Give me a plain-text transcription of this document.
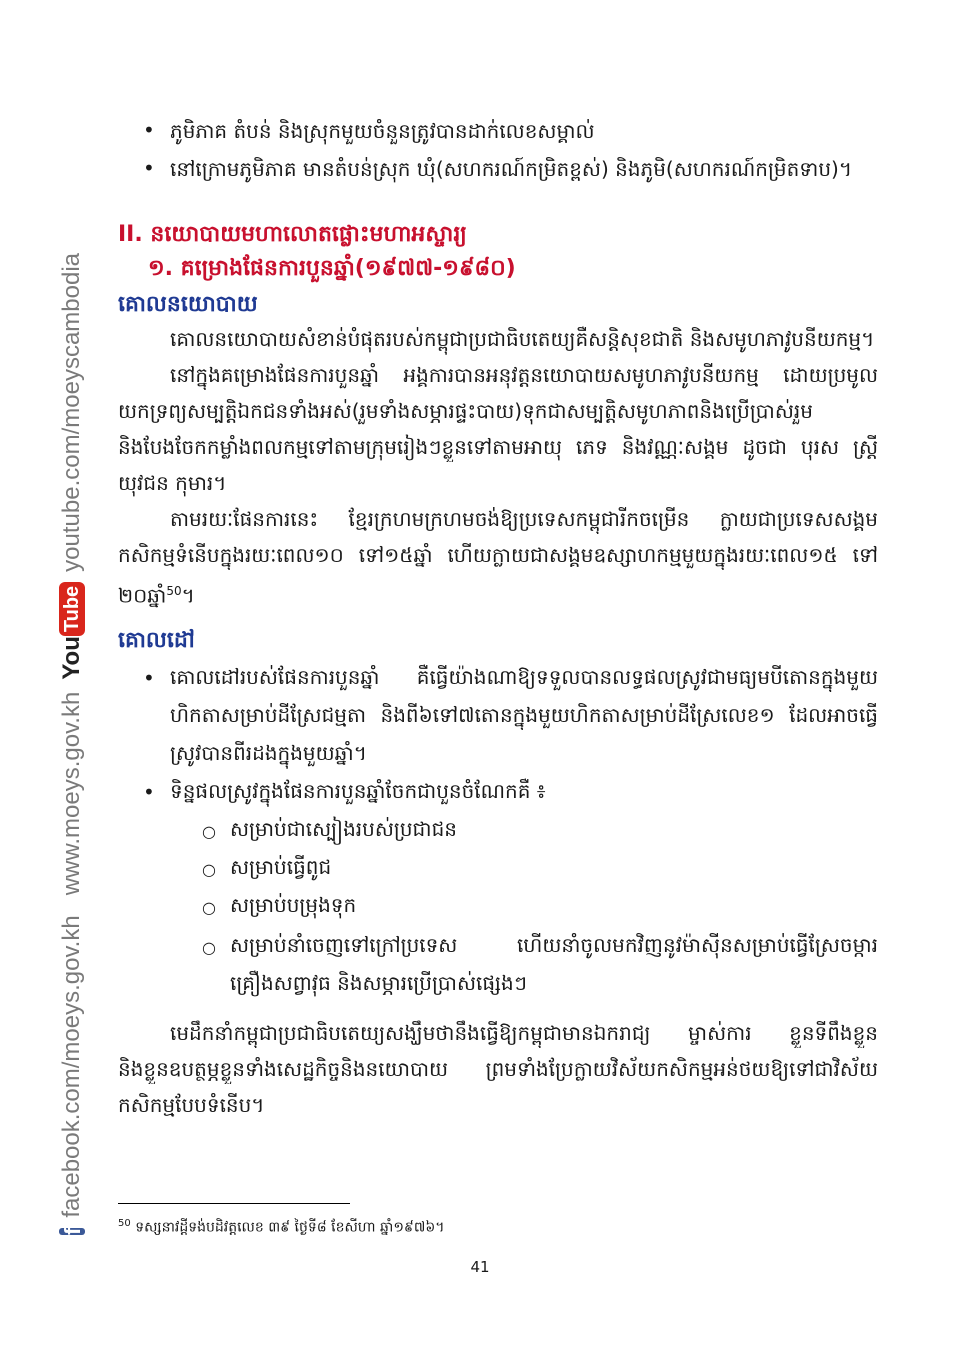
f
facebook.com/moeys.gov.kh
www.moeys.gov.kh
You
Tube
youtube.com/moeyscambodia
• ភូមិភាគ តំបន់ និងស្រុកមួយចំនួនត្រូវបានដាក់លេខសម្គាល់
• នៅក្រោមភូមិភាគ មានតំបន់ស្រុក ឃុំ(សហករណ៍កម្រិតខ្ពស់) និងភូមិ(សហករណ៍កម្រិតទាប)។
II. នយោបាយមហាលោតផ្លោះមហាអស្ចារ្យ
១. គម្រោងផែនការបួនឆ្នាំ(១៩៧៧-១៩៨០)
គោលនយោបាយ
គោលនយោបាយសំខាន់បំផុតរបស់កម្ពុជាប្រជាធិបតេយ្យគឺសន្តិសុខជាតិ និងសមូហភាវូបនីយកម្ម។
នៅក្នុងគម្រោងផែនការបួនឆ្នាំ អង្គការបានអនុវត្តនយោបាយសមូហភាវូបនីយកម្ម ដោយប្រមូល
យកទ្រព្យសម្បត្តិឯកជនទាំងអស់(រួមទាំងសម្ភារផ្ទះបាយ)ទុកជាសម្បត្តិសមូហភាពនិងប្រើប្រាស់រួម
និងបែងចែកកម្លាំងពលកម្មទៅតាមក្រុមរៀងៗខ្លួនទៅតាមអាយុ ភេទ និងវណ្ណៈសង្គម ដូចជា បុរស ស្ត្រី
យុវជន កុមារ។
តាមរយៈផែនការនេះ ខ្មែរក្រហមក្រហមចង់ឱ្យប្រទេសកម្ពុជារីកចម្រើន ក្លាយជាប្រទេសសង្គម
កសិកម្មទំនើបក្នុងរយៈពេល១០ ទៅ១៥ឆ្នាំ ហើយក្លាយជាសង្គមឧស្សាហកម្មមួយក្នុងរយៈពេល១៥ ទៅ
២០ឆ្នាំ$^{50}$។
គោលដៅ
• គោលដៅរបស់ផែនការបួនឆ្នាំ គឺធ្វើយ៉ាងណាឱ្យទទួលបានលទ្ធផលស្រូវជាមធ្យមបីតោនក្នុងមួយ
ហិកតាសម្រាប់ដីស្រែជម្មតា និងពី៦ទៅ៧តោនក្នុងមួយហិកតាសម្រាប់ដីស្រែលេខ១ ដែលអាចធ្វើ
ស្រូវបានពីរដងក្នុងមួយឆ្នាំ។
• ទិន្នផលស្រូវក្នុងផែនការបួនឆ្នាំចែកជាបួនចំណែកគឺ ៖
○ សម្រាប់ជាស្បៀងរបស់ប្រជាជន
○ សម្រាប់ធ្វើពូជ
○ សម្រាប់បម្រុងទុក
○ សម្រាប់នាំចេញទៅក្រៅប្រទេស ហើយនាំចូលមកវិញនូវម៉ាស៊ីនសម្រាប់ធ្វើស្រែចម្ការ
គ្រឿងសព្វាវុធ និងសម្ភារប្រើប្រាស់ផ្សេងៗ
មេដឹកនាំកម្ពុជាប្រជាធិបតេយ្យសង្ឃឹមថានឹងធ្វើឱ្យកម្ពុជាមានឯករាជ្យ ម្ចាស់ការ ខ្លួនទីពឹងខ្លួន
និងខ្លួនឧបត្ថម្ភខ្លួនទាំងសេដ្ឋកិច្ចនិងនយោបាយ ព្រមទាំងប្រែក្លាយវិស័យកសិកម្មអន់ថយឱ្យទៅជាវិស័យ
កសិកម្មបែបទំនើប។
$^{50}$ ទស្សនាវដ្ដីទង់បដិវត្តលេខ ៣៩ ថ្ងៃទី៨ ខែសីហា ឆ្នាំ១៩៧៦។
41
